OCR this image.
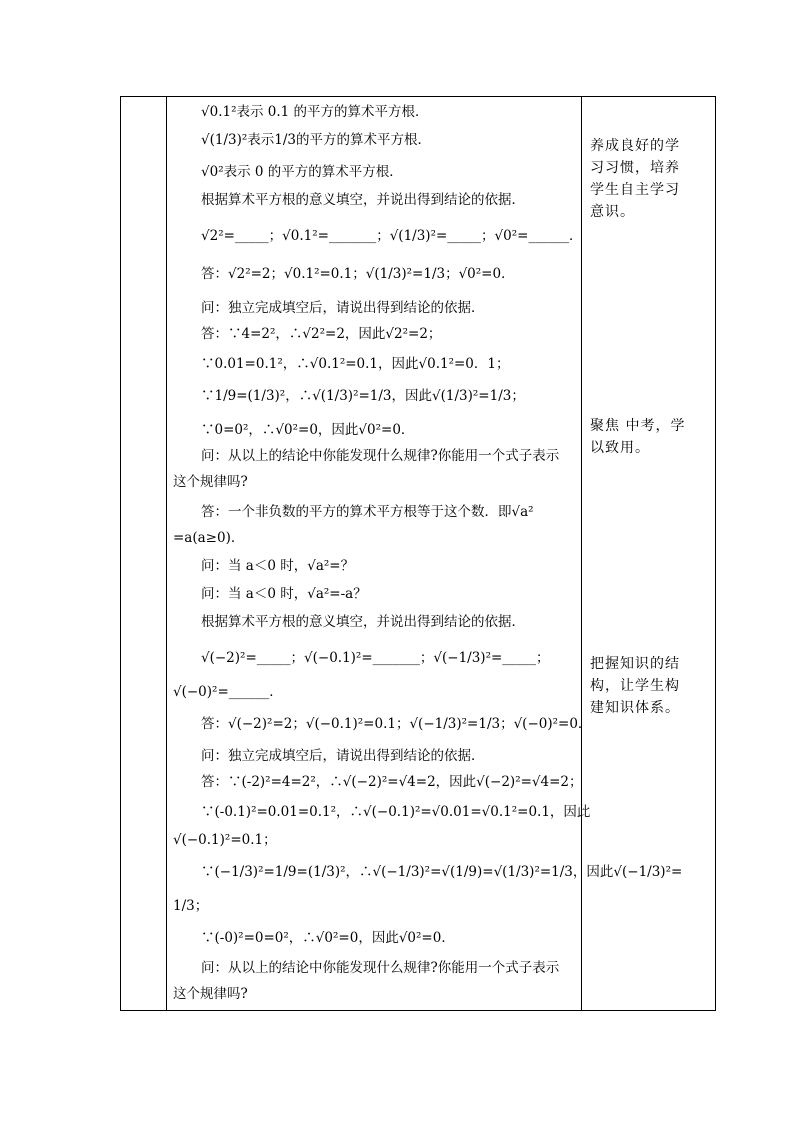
√0.1²表示 0.1 的平方的算术平方根．
√(1/3)²表示1/3的平方的算术平方根．
√0²表示 0 的平方的算术平方根．
根据算术平方根的意义填空，并说出得到结论的依据．
√2²=_____；√0.1²=_______；√(1/3)²=_____；√0²=______．
答：√2²=2；√0.1²=0.1；√(1/3)²=1/3；√0²=0．
问：独立完成填空后，请说出得到结论的依据．
答：∵4=2²，∴√2²=2，因此√2²=2；
∵0.01=0.1²，∴√0.1²=0.1，因此√0.1²=0．1；
∵1/9=(1/3)²，∴√(1/3)²=1/3，因此√(1/3)²=1/3；
∵0=0²，∴√0²=0，因此√0²=0．
问：从以上的结论中你能发现什么规律?你能用一个式子表示
这个规律吗?
答：一个非负数的平方的算术平方根等于这个数．即√a²
=a(a≥0)．
问：当 a＜0 时，√a²=？
问：当 a＜0 时，√a²=-a？
根据算术平方根的意义填空，并说出得到结论的依据．
√(−2)²=_____；√(−0.1)²=_______；√(−1/3)²=_____；
√(−0)²=______．
答：√(−2)²=2；√(−0.1)²=0.1；√(−1/3)²=1/3；√(−0)²=0．
问：独立完成填空后，请说出得到结论的依据．
答：∵(-2)²=4=2²，∴√(−2)²=√4=2，因此√(−2)²=√4=2；
∵(-0.1)²=0.01=0.1²，∴√(−0.1)²=√0.01=√0.1²=0.1，因此
√(−0.1)²=0.1；
∵(−1/3)²=1/9=(1/3)²，∴√(−1/3)²=√(1/9)=√(1/3)²=1/3，因此√(−1/3)²=
1/3；
∵(-0)²=0=0²，∴√0²=0，因此√0²=0．
问：从以上的结论中你能发现什么规律?你能用一个式子表示
这个规律吗?
养成良好的学
习习惯，培养
学生自主学习
意识。
聚焦 中考，学
以致用。
把握知识的结
构，让学生构
建知识体系。
